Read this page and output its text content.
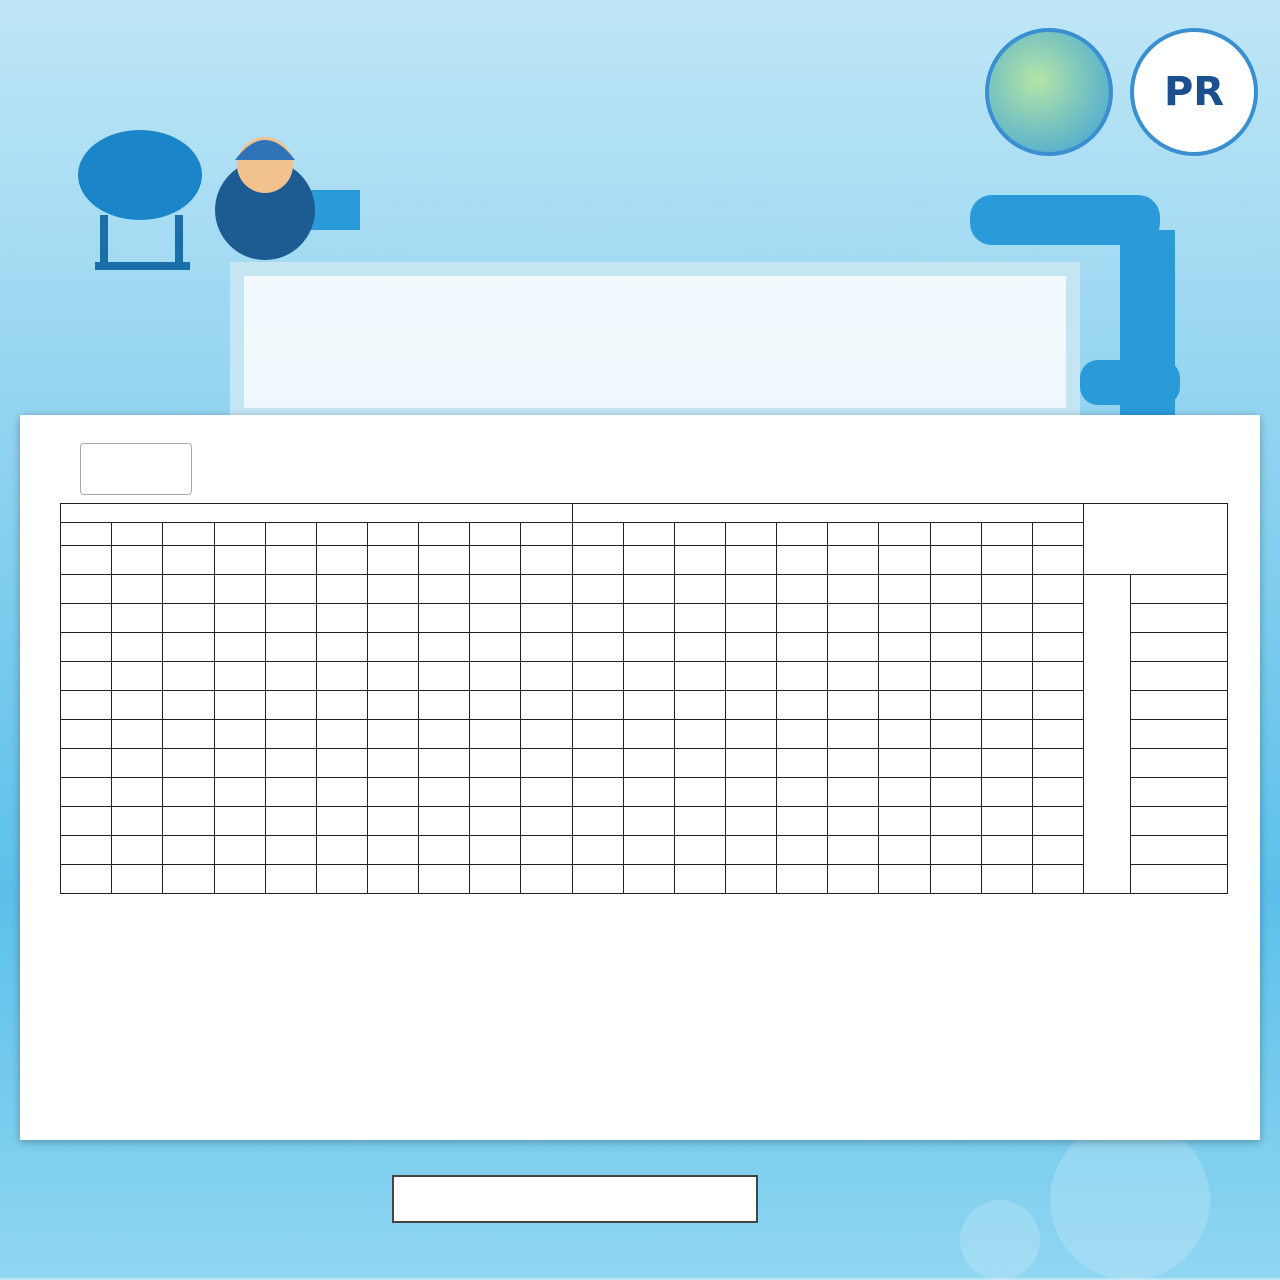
PR
